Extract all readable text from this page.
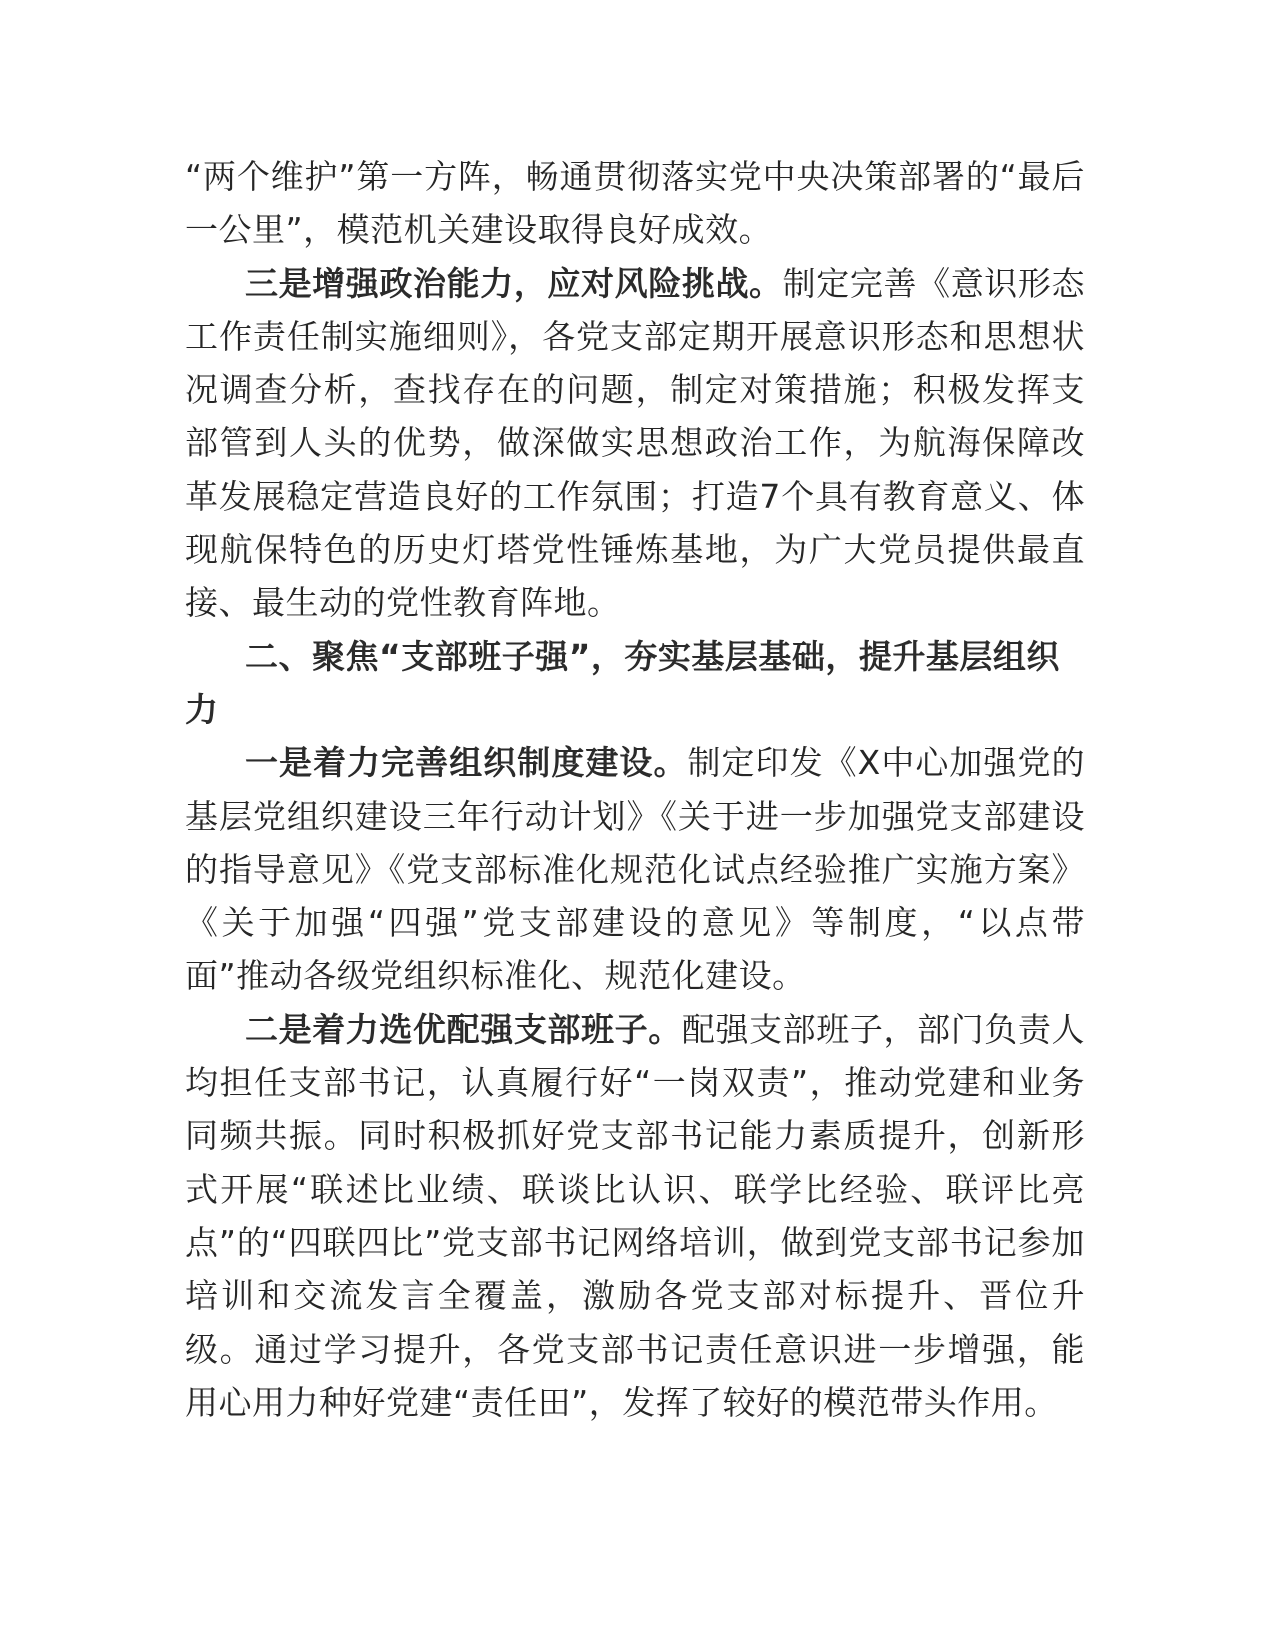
“两个维护”第一方阵，畅通贯彻落实党中央决策部署的“最后一公里”，模范机关建设取得良好成效。

三是增强政治能力，应对风险挑战。制定完善《意识形态工作责任制实施细则》，各党支部定期开展意识形态和思想状况调查分析，查找存在的问题，制定对策措施；积极发挥支部管到人头的优势，做深做实思想政治工作，为航海保障改革发展稳定营造良好的工作氛围；打造7个具有教育意义、体现航保特色的历史灯塔党性锤炼基地，为广大党员提供最直接、最生动的党性教育阵地。

二、聚焦“支部班子强”，夯实基层基础，提升基层组织力

一是着力完善组织制度建设。制定印发《X中心加强党的基层党组织建设三年行动计划》《关于进一步加强党支部建设的指导意见》《党支部标准化规范化试点经验推广实施方案》《关于加强“四强”党支部建设的意见》等制度，“以点带面”推动各级党组织标准化、规范化建设。

二是着力选优配强支部班子。配强支部班子，部门负责人均担任支部书记，认真履行好“一岗双责”，推动党建和业务同频共振。同时积极抓好党支部书记能力素质提升，创新形式开展“联述比业绩、联谈比认识、联学比经验、联评比亮点”的“四联四比”党支部书记网络培训，做到党支部书记参加培训和交流发言全覆盖，激励各党支部对标提升、晋位升级。通过学习提升，各党支部书记责任意识进一步增强，能用心用力种好党建“责任田”，发挥了较好的模范带头作用。
